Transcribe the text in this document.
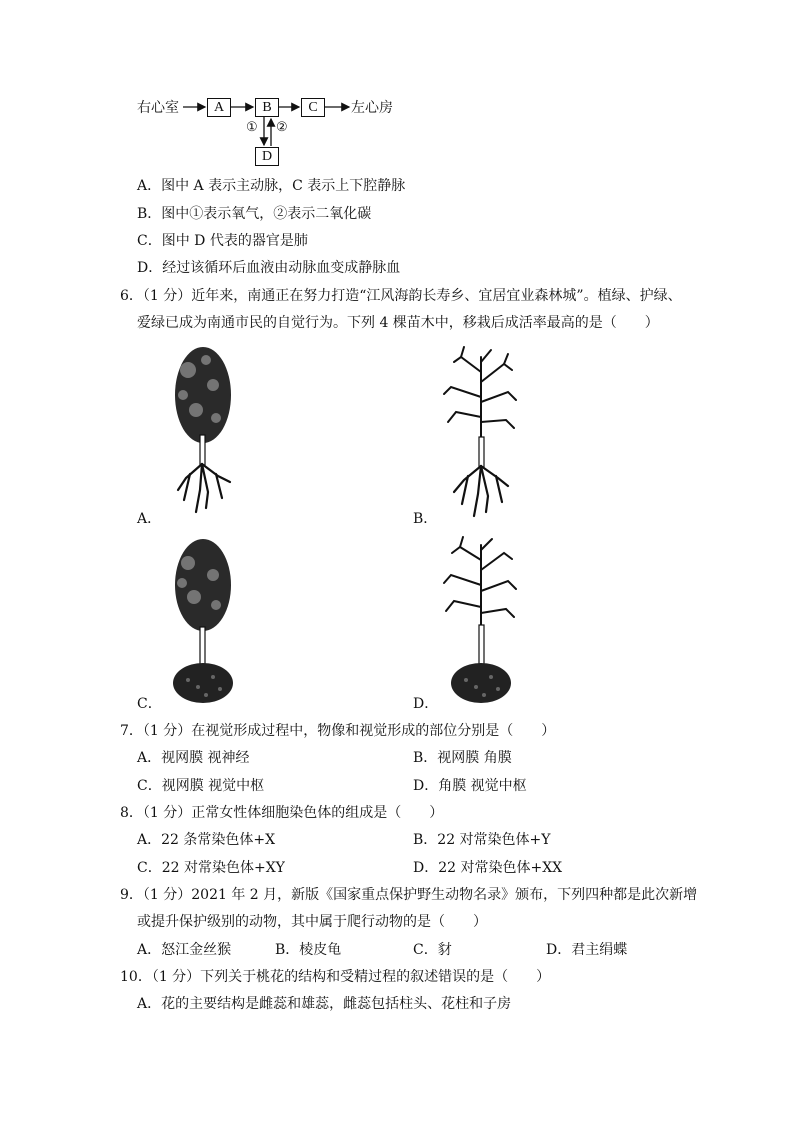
右心室	A	B	C
D
左心房
① ②
A．图中 A 表示主动脉，C 表示上下腔静脉
B．图中①表示氧气，②表示二氧化碳
C．图中 D 代表的器官是肺
D．经过该循环后血液由动脉血变成静脉血
6．（1 分）近年来，南通正在努力打造“江风海韵长寿乡、宜居宜业森林城”。植绿、护绿、
爱绿已成为南通市民的自觉行为。下列 4 棵苗木中，移栽后成活率最高的是（　　）
A．	B．
C．	D．
7．（1 分）在视觉形成过程中，物像和视觉形成的部位分别是（　　）
A．视网膜 视神经	B．视网膜 角膜
C．视网膜 视觉中枢	D．角膜 视觉中枢
8．（1 分）正常女性体细胞染色体的组成是（　　）
A．22 条常染色体+X	B．22 对常染色体+Y
C．22 对常染色体+XY	D．22 对常染色体+XX
9．（1 分）2021 年 2 月，新版《国家重点保护野生动物名录》颁布，下列四种都是此次新增
或提升保护级别的动物，其中属于爬行动物的是（　　）
A．怒江金丝猴	B．棱皮龟	C．豺	D．君主绢蝶
10．（1 分）下列关于桃花的结构和受精过程的叙述错误的是（　　）
A．花的主要结构是雌蕊和雄蕊，雌蕊包括柱头、花柱和子房
